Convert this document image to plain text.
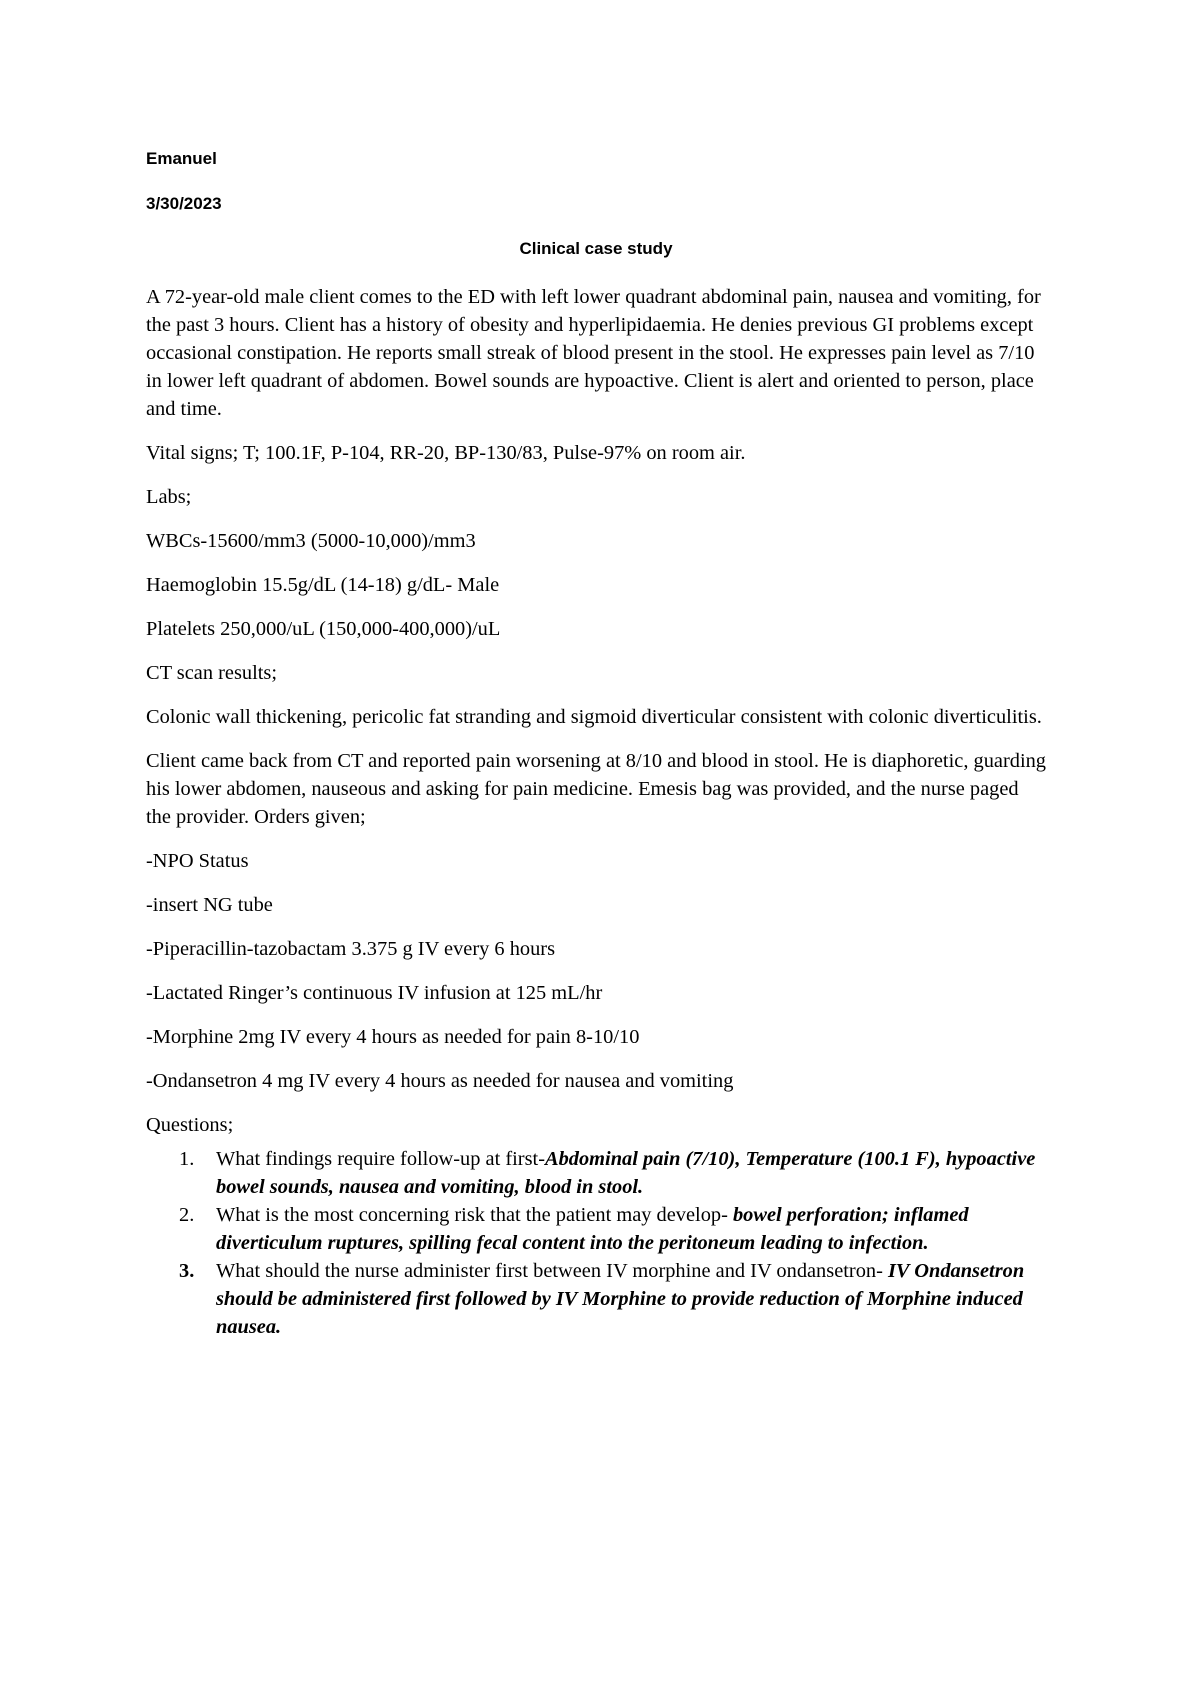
Emanuel
3/30/2023
Clinical case study

A 72-year-old male client comes to the ED with left lower quadrant abdominal pain, nausea and vomiting, for the past 3 hours. Client has a history of obesity and hyperlipidaemia. He denies previous GI problems except occasional constipation. He reports small streak of blood present in the stool. He expresses pain level as 7/10 in lower left quadrant of abdomen. Bowel sounds are hypoactive. Client is alert and oriented to person, place and time.

Vital signs; T; 100.1F, P-104, RR-20, BP-130/83, Pulse-97% on room air.

Labs;

WBCs-15600/mm3 (5000-10,000)/mm3

Haemoglobin 15.5g/dL (14-18) g/dL- Male

Platelets 250,000/uL (150,000-400,000)/uL

CT scan results;

Colonic wall thickening, pericolic fat stranding and sigmoid diverticular consistent with colonic diverticulitis.

Client came back from CT and reported pain worsening at 8/10 and blood in stool. He is diaphoretic, guarding his lower abdomen, nauseous and asking for pain medicine. Emesis bag was provided, and the nurse paged the provider. Orders given;

-NPO Status

-insert NG tube

-Piperacillin-tazobactam 3.375 g IV every 6 hours

-Lactated Ringer’s continuous IV infusion at 125 mL/hr

-Morphine 2mg IV every 4 hours as needed for pain 8-10/10

-Ondansetron 4 mg IV every 4 hours as needed for nausea and vomiting

Questions;

1. What findings require follow-up at first-Abdominal pain (7/10), Temperature (100.1 F), hypoactive bowel sounds, nausea and vomiting, blood in stool.
2. What is the most concerning risk that the patient may develop- bowel perforation; inflamed diverticulum ruptures, spilling fecal content into the peritoneum leading to infection.
3. What should the nurse administer first between IV morphine and IV ondansetron- IV Ondansetron should be administered first followed by IV Morphine to provide reduction of Morphine induced nausea.
